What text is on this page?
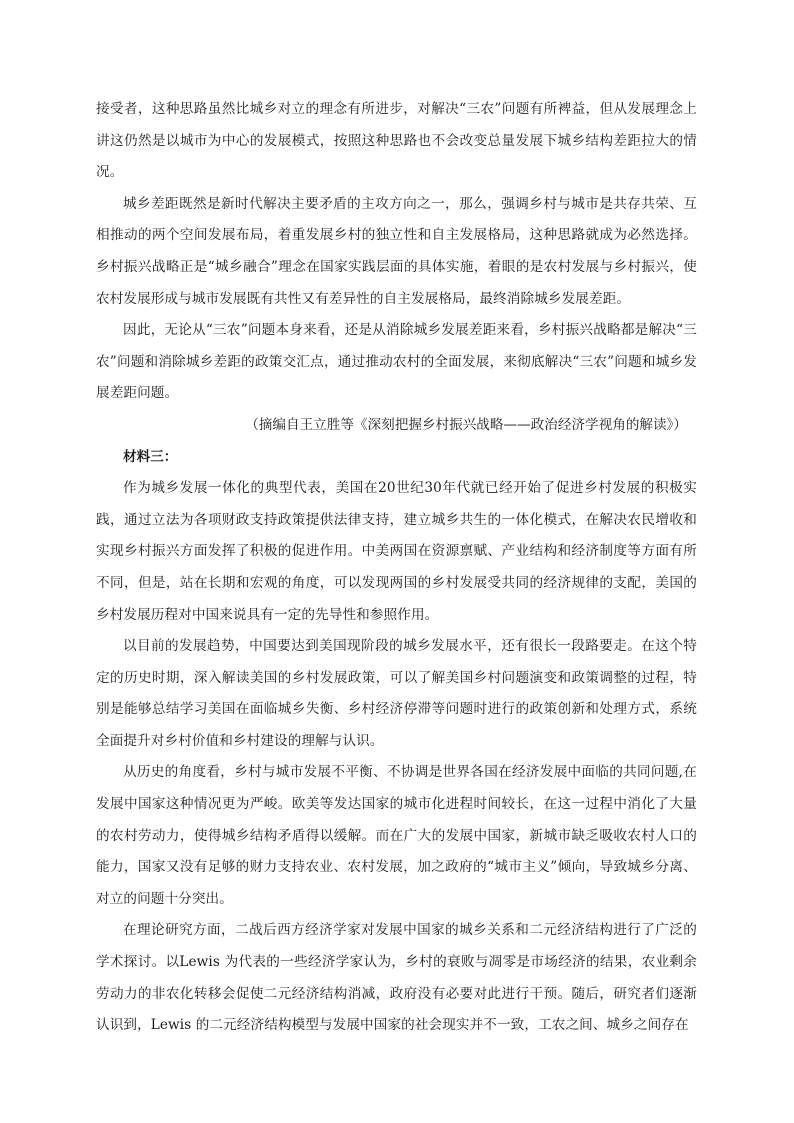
接受者，这种思路虽然比城乡对立的理念有所进步，对解决“三农”问题有所裨益，但从发展理念上讲这仍然是以城市为中心的发展模式，按照这种思路也不会改变总量发展下城乡结构差距拉大的情况。

城乡差距既然是新时代解决主要矛盾的主攻方向之一，那么，强调乡村与城市是共存共荣、互相推动的两个空间发展布局，着重发展乡村的独立性和自主发展格局，这种思路就成为必然选择。乡村振兴战略正是“城乡融合”理念在国家实践层面的具体实施，着眼的是农村发展与乡村振兴，使农村发展形成与城市发展既有共性又有差异性的自主发展格局，最终消除城乡发展差距。

因此，无论从“三农”问题本身来看，还是从消除城乡发展差距来看，乡村振兴战略都是解决“三农”问题和消除城乡差距的政策交汇点，通过推动农村的全面发展，来彻底解决“三农”问题和城乡发展差距问题。

（摘编自王立胜等《深刻把握乡村振兴战略——政治经济学视角的解读》）

材料三：

作为城乡发展一体化的典型代表，美国在20世纪30年代就已经开始了促进乡村发展的积极实践，通过立法为各项财政支持政策提供法律支持，建立城乡共生的一体化模式，在解决农民增收和实现乡村振兴方面发挥了积极的促进作用。中美两国在资源禀赋、产业结构和经济制度等方面有所不同，但是，站在长期和宏观的角度，可以发现两国的乡村发展受共同的经济规律的支配，美国的乡村发展历程对中国来说具有一定的先导性和参照作用。

以目前的发展趋势，中国要达到美国现阶段的城乡发展水平，还有很长一段路要走。在这个特定的历史时期，深入解读美国的乡村发展政策，可以了解美国乡村问题演变和政策调整的过程，特别是能够总结学习美国在面临城乡失衡、乡村经济停滞等问题时进行的政策创新和处理方式，系统全面提升对乡村价值和乡村建设的理解与认识。

从历史的角度看，乡村与城市发展不平衡、不协调是世界各国在经济发展中面临的共同问题,在发展中国家这种情况更为严峻。欧美等发达国家的城市化进程时间较长，在这一过程中消化了大量的农村劳动力，使得城乡结构矛盾得以缓解。而在广大的发展中国家，新城市缺乏吸收农村人口的能力，国家又没有足够的财力支持农业、农村发展，加之政府的“城市主义”倾向，导致城乡分离、对立的问题十分突出。

在理论研究方面，二战后西方经济学家对发展中国家的城乡关系和二元经济结构进行了广泛的学术探讨。以Lewis 为代表的一些经济学家认为，乡村的衰败与凋零是市场经济的结果，农业剩余劳动力的非农化转移会促使二元经济结构消减，政府没有必要对此进行干预。随后，研究者们逐渐认识到，Lewis 的二元经济结构模型与发展中国家的社会现实并不一致，工农之间、城乡之间存在
